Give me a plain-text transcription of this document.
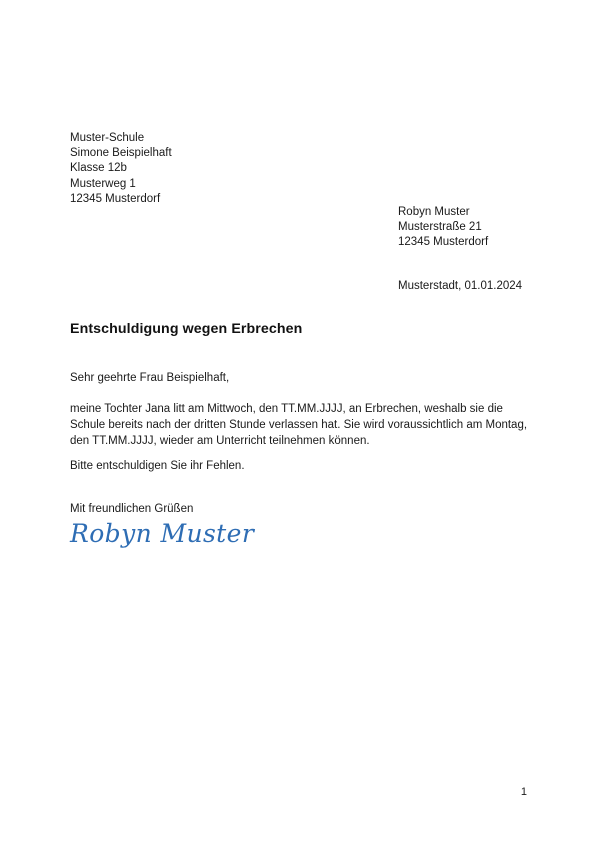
Muster-Schule
Simone Beispielhaft
Klasse 12b
Musterweg 1
12345 Musterdorf
Robyn Muster
Musterstraße 21
12345 Musterdorf
Musterstadt, 01.01.2024
Entschuldigung wegen Erbrechen
Sehr geehrte Frau Beispielhaft,
meine Tochter Jana litt am Mittwoch, den TT.MM.JJJJ, an Erbrechen, weshalb sie die Schule bereits nach der dritten Stunde verlassen hat. Sie wird voraussichtlich am Montag, den TT.MM.JJJJ, wieder am Unterricht teilnehmen können.
Bitte entschuldigen Sie ihr Fehlen.
Mit freundlichen Grüßen
Robyn Muster
1
